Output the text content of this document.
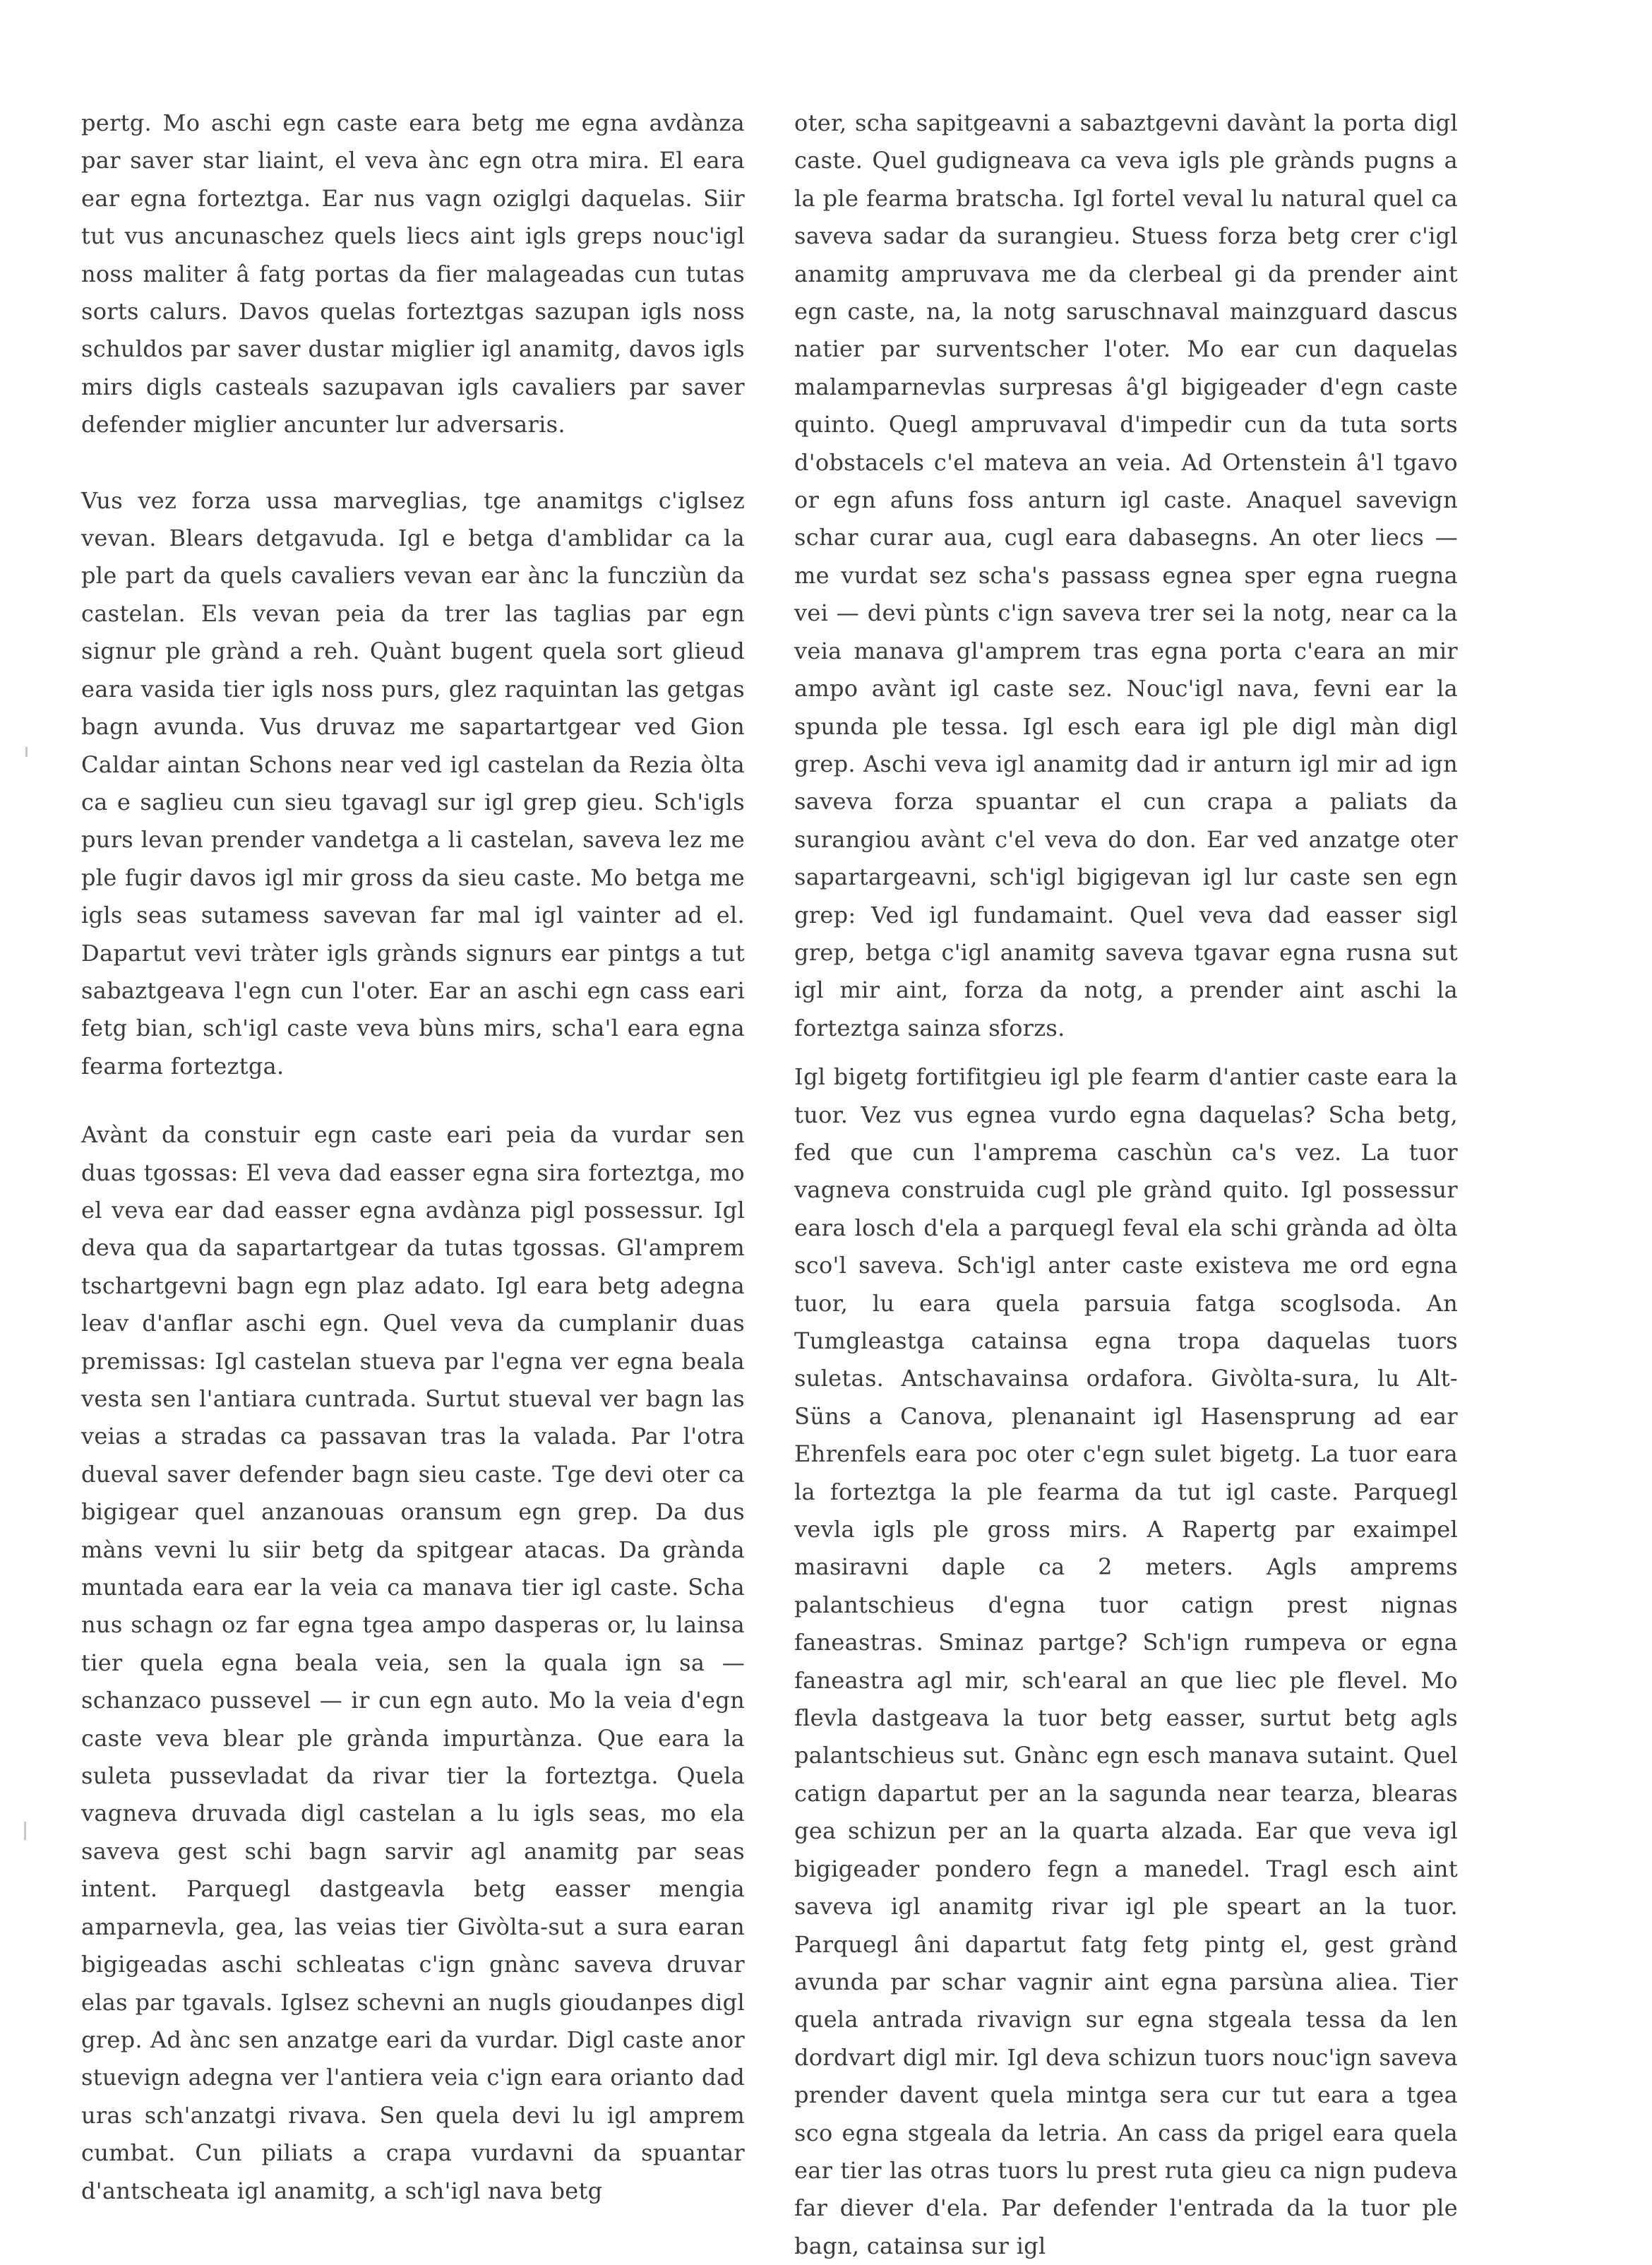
pertg. Mo aschi egn caste eara betg me egna avdànza par saver star liaint, el veva ànc egn otra mira. El eara ear egna forteztga. Ear nus vagn oziglgi daquelas. Siir tut vus ancunaschez quels liecs aint igls greps nouc'igl noss maliter â fatg portas da fier malageadas cun tutas sorts calurs. Davos quelas forteztgas sazupan igls noss schuldos par saver dustar miglier igl anamitg, davos igls mirs digls casteals sazupavan igls cavaliers par saver defender miglier ancunter lur adversaris.

Vus vez forza ussa marveglias, tge anamitgs c'iglsez vevan. Blears detgavuda. Igl e betga d'amblidar ca la ple part da quels cavaliers vevan ear ànc la funcziùn da castelan. Els vevan peia da trer las taglias par egn signur ple grànd a reh. Quànt bugent quela sort glieud eara vasida tier igls noss purs, glez raquintan las getgas bagn avunda. Vus druvaz me sapartartgear ved Gion Caldar aintan Schons near ved igl castelan da Rezia òlta ca e saglieu cun sieu tgavagl sur igl grep gieu. Sch'igls purs levan prender vandetga a li castelan, saveva lez me ple fugir davos igl mir gross da sieu caste. Mo betga me igls seas sutamess savevan far mal igl vainter ad el. Dapartut vevi tràter igls grànds signurs ear pintgs a tut sabaztgeava l'egn cun l'oter. Ear an aschi egn cass eari fetg bian, sch'igl caste veva bùns mirs, scha'l eara egna fearma forteztga.

Avànt da constuir egn caste eari peia da vurdar sen duas tgossas: El veva dad easser egna sira forteztga, mo el veva ear dad easser egna avdànza pigl possessur. Igl deva qua da sapartartgear da tutas tgossas. Gl'amprem tschartgevni bagn egn plaz adato. Igl eara betg adegna leav d'anflar aschi egn. Quel veva da cumplanir duas premissas: Igl castelan stueva par l'egna ver egna beala vesta sen l'antiara cuntrada. Surtut stueval ver bagn las veias a stradas ca passavan tras la valada. Par l'otra dueval saver defender bagn sieu caste. Tge devi oter ca bigigear quel anzanouas oransum egn grep. Da dus màns vevni lu siir betg da spitgear atacas. Da grànda muntada eara ear la veia ca manava tier igl caste. Scha nus schagn oz far egna tgea ampo dasperas or, lu lainsa tier quela egna beala veia, sen la quala ign sa — schanzaco pussevel — ir cun egn auto. Mo la veia d'egn caste veva blear ple grànda impurtànza. Que eara la suleta pussevladat da rivar tier la forteztga. Quela vagneva druvada digl castelan a lu igls seas, mo ela saveva gest schi bagn sarvir agl anamitg par seas intent. Parquegl dastgeavla betg easser mengia amparnevla, gea, las veias tier Givòlta-sut a sura earan bigigeadas aschi schleatas c'ign gnànc saveva druvar elas par tgavals. Iglsez schevni an nugls gioudanpes digl grep. Ad ànc sen anzatge eari da vurdar. Digl caste anor stuevign adegna ver l'antiera veia c'ign eara orianto dad uras sch'anzatgi rivava. Sen quela devi lu igl amprem cumbat. Cun piliats a crapa vurdavni da spuantar d'antscheata igl anamitg, a sch'igl nava betg

oter, scha sapitgeavni a sabaztgevni davànt la porta digl caste. Quel gudigneava ca veva igls ple grànds pugns a la ple fearma bratscha. Igl fortel veval lu natural quel ca saveva sadar da surangieu. Stuess forza betg crer c'igl anamitg ampruvava me da clerbeal gi da prender aint egn caste, na, la notg saruschnaval mainzguard dascus natier par surventscher l'oter. Mo ear cun daquelas malamparnevlas surpresas â'gl bigigeader d'egn caste quinto. Quegl ampruvaval d'impedir cun da tuta sorts d'obstacels c'el mateva an veia. Ad Ortenstein â'l tgavo or egn afuns foss anturn igl caste. Anaquel savevign schar curar aua, cugl eara dabasegns. An oter liecs — me vurdat sez scha's passass egnea sper egna ruegna vei — devi pùnts c'ign saveva trer sei la notg, near ca la veia manava gl'amprem tras egna porta c'eara an mir ampo avànt igl caste sez. Nouc'igl nava, fevni ear la spunda ple tessa. Igl esch eara igl ple digl màn digl grep. Aschi veva igl anamitg dad ir anturn igl mir ad ign saveva forza spuantar el cun crapa a paliats da surangiou avànt c'el veva do don. Ear ved anzatge oter sapartargeavni, sch'igl bigigevan igl lur caste sen egn grep: Ved igl fundamaint. Quel veva dad easser sigl grep, betga c'igl anamitg saveva tgavar egna rusna sut igl mir aint, forza da notg, a prender aint aschi la forteztga sainza sforzs.

Igl bigetg fortifitgieu igl ple fearm d'antier caste eara la tuor. Vez vus egnea vurdo egna daquelas? Scha betg, fed que cun l'amprema caschùn ca's vez. La tuor vagneva construida cugl ple grànd quito. Igl possessur eara losch d'ela a parquegl feval ela schi grànda ad òlta sco'l saveva. Sch'igl anter caste existeva me ord egna tuor, lu eara quela parsuia fatga scoglsoda. An Tumgleastga catainsa egna tropa daquelas tuors suletas. Antschavainsa ordafora. Givòlta-sura, lu Alt-Süns a Canova, plenanaint igl Hasensprung ad ear Ehrenfels eara poc oter c'egn sulet bigetg. La tuor eara la forteztga la ple fearma da tut igl caste. Parquegl vevla igls ple gross mirs. A Rapertg par exaimpel masiravni daple ca 2 meters. Agls amprems palantschieus d'egna tuor catign prest nignas faneastras. Sminaz partge? Sch'ign rumpeva or egna faneastra agl mir, sch'earal an que liec ple flevel. Mo flevla dastgeava la tuor betg easser, surtut betg agls palantschieus sut. Gnànc egn esch manava sutaint. Quel catign dapartut per an la sagunda near tearza, blearas gea schizun per an la quarta alzada. Ear que veva igl bigigeader pondero fegn a manedel. Tragl esch aint saveva igl anamitg rivar igl ple speart an la tuor. Parquegl âni dapartut fatg fetg pintg el, gest grànd avunda par schar vagnir aint egna parsùna aliea. Tier quela antrada rivavign sur egna stgeala tessa da len dordvart digl mir. Igl deva schizun tuors nouc'ign saveva prender davent quela mintga sera cur tut eara a tgea sco egna stgeala da letria. An cass da prigel eara quela ear tier las otras tuors lu prest ruta gieu ca nign pudeva far diever d'ela. Par defender l'entrada da la tuor ple bagn, catainsa sur igl
